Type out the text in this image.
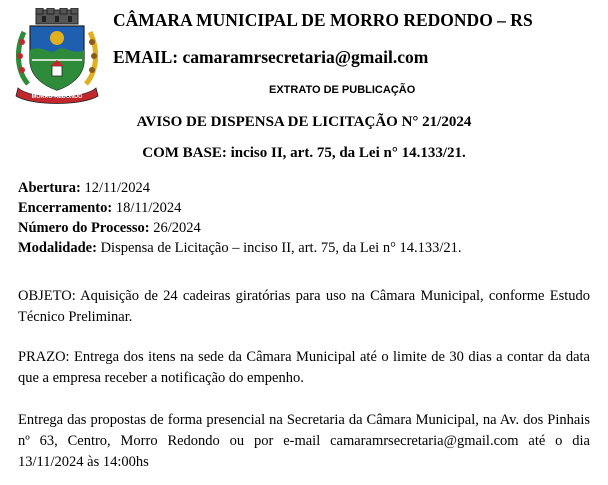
MORRO REDONDO
CÂMARA MUNICIPAL DE MORRO REDONDO – RS
EMAIL: camaramrsecretaria@gmail.com
EXTRATO DE PUBLICAÇÃO
AVISO DE DISPENSA DE LICITAÇÃO N° 21/2024
COM BASE: inciso II, art. 75, da Lei n° 14.133/21.
Abertura: 12/11/2024
Encerramento: 18/11/2024
Número do Processo: 26/2024
Modalidade: Dispensa de Licitação – inciso II, art. 75, da Lei n° 14.133/21.
OBJETO: Aquisição de 24 cadeiras giratórias para uso na Câmara Municipal, conforme Estudo Técnico Preliminar.
PRAZO: Entrega dos itens na sede da Câmara Municipal até o limite de 30 dias a contar da data que a empresa receber a notificação do empenho.
Entrega das propostas de forma presencial na Secretaria da Câmara Municipal, na Av. dos Pinhais nº 63, Centro, Morro Redondo ou por e-mail camaramrsecretaria@gmail.com até o dia 13/11/2024 às 14:00hs
